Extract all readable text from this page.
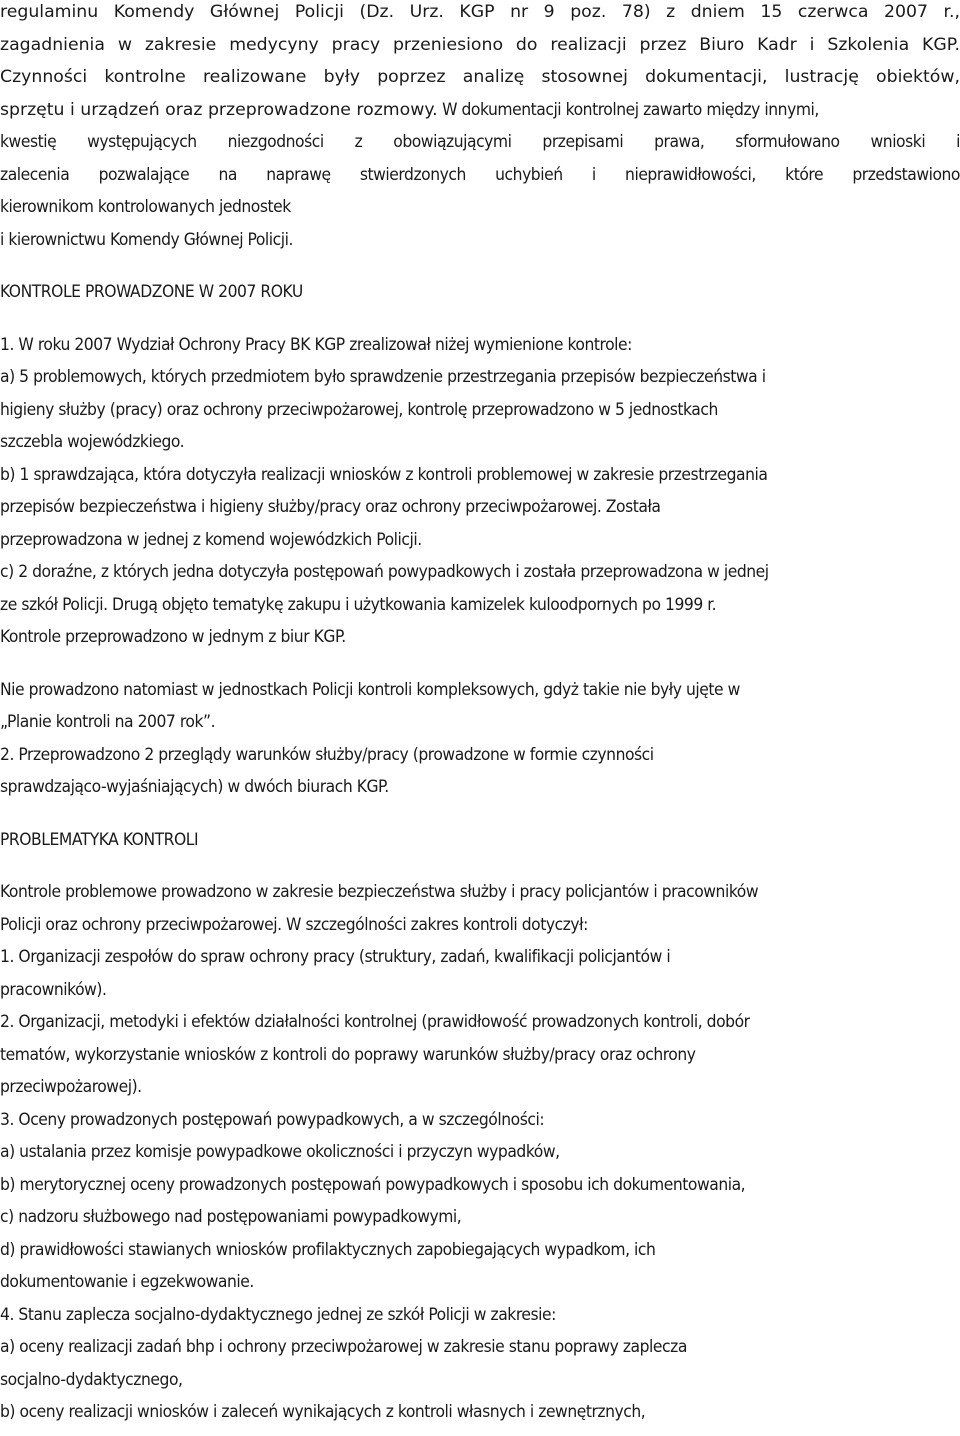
regulaminu Komendy Głównej Policji (Dz. Urz. KGP nr 9 poz. 78) z dniem 15 czerwca 2007 r.,
zagadnienia w zakresie medycyny pracy przeniesiono do realizacji przez Biuro Kadr i Szkolenia KGP.
Czynności kontrolne realizowane były poprzez analizę stosownej dokumentacji, lustrację obiektów,
sprzętu i urządzeń oraz przeprowadzone rozmowy. W dokumentacji kontrolnej zawarto między innymi,
kwestię występujących niezgodności z obowiązującymi przepisami prawa, sformułowano wnioski i
zalecenia pozwalające na naprawę stwierdzonych uchybień i nieprawidłowości, które przedstawiono
kierownikom kontrolowanych jednostek
i kierownictwu Komendy Głównej Policji.
KONTROLE PROWADZONE W 2007 ROKU
1. W roku 2007 Wydział Ochrony Pracy BK KGP zrealizował niżej wymienione kontrole:
a) 5 problemowych, których przedmiotem było sprawdzenie przestrzegania przepisów bezpieczeństwa i
higieny służby (pracy) oraz ochrony przeciwpożarowej, kontrolę przeprowadzono w 5 jednostkach
szczebla wojewódzkiego.
b) 1 sprawdzająca, która dotyczyła realizacji wniosków z kontroli problemowej w zakresie przestrzegania
przepisów bezpieczeństwa i higieny służby/pracy oraz ochrony przeciwpożarowej. Została
przeprowadzona w jednej z komend wojewódzkich Policji.
c) 2 doraźne, z których jedna dotyczyła postępowań powypadkowych i została przeprowadzona w jednej
ze szkół Policji. Drugą objęto tematykę zakupu i użytkowania kamizelek kuloodpornych po 1999 r.
Kontrole przeprowadzono w jednym z biur KGP.
Nie prowadzono natomiast w jednostkach Policji kontroli kompleksowych, gdyż takie nie były ujęte w
„Planie kontroli na 2007 rok”.
2. Przeprowadzono 2 przeglądy warunków służby/pracy (prowadzone w formie czynności
sprawdzająco-wyjaśniających) w dwóch biurach KGP.
PROBLEMATYKA KONTROLI
Kontrole problemowe prowadzono w zakresie bezpieczeństwa służby i pracy policjantów i pracowników
Policji oraz ochrony przeciwpożarowej. W szczególności zakres kontroli dotyczył:
1. Organizacji zespołów do spraw ochrony pracy (struktury, zadań, kwalifikacji policjantów i
pracowników).
2. Organizacji, metodyki i efektów działalności kontrolnej (prawidłowość prowadzonych kontroli, dobór
tematów, wykorzystanie wniosków z kontroli do poprawy warunków służby/pracy oraz ochrony
przeciwpożarowej).
3. Oceny prowadzonych postępowań powypadkowych, a w szczególności:
a) ustalania przez komisje powypadkowe okoliczności i przyczyn wypadków,
b) merytorycznej oceny prowadzonych postępowań powypadkowych i sposobu ich dokumentowania,
c) nadzoru służbowego nad postępowaniami powypadkowymi,
d) prawidłowości stawianych wniosków profilaktycznych zapobiegających wypadkom, ich
dokumentowanie i egzekwowanie.
4. Stanu zaplecza socjalno-dydaktycznego jednej ze szkół Policji w zakresie:
a) oceny realizacji zadań bhp i ochrony przeciwpożarowej w zakresie stanu poprawy zaplecza
socjalno-dydaktycznego,
b) oceny realizacji wniosków i zaleceń wynikających z kontroli własnych i zewnętrznych,
